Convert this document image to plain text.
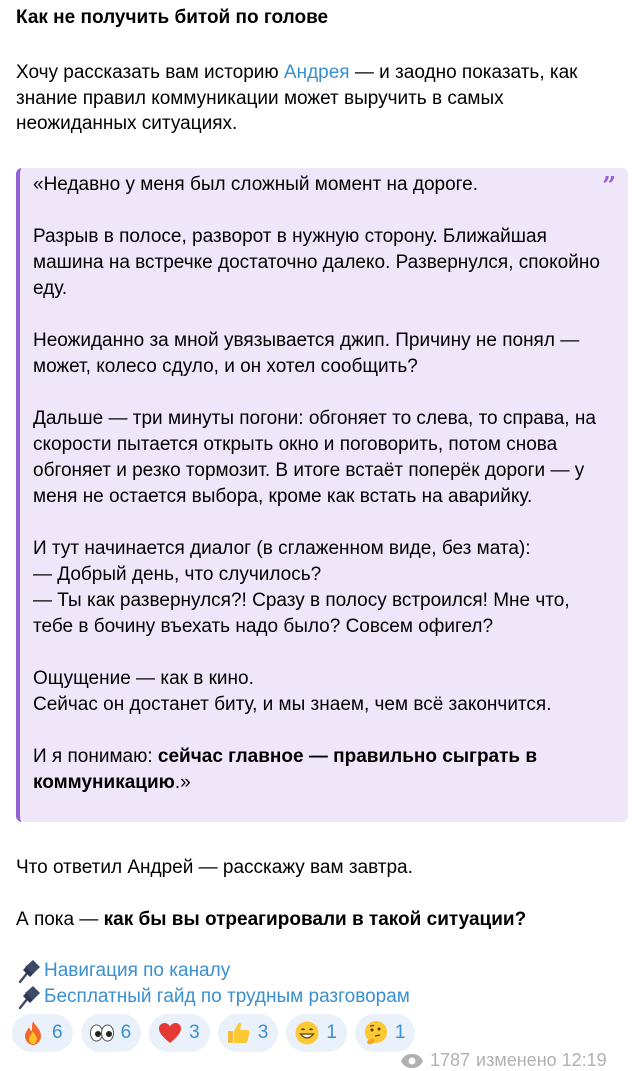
Как не получить битой по голове
Хочу рассказать вам историю Андрея — и заодно показать, как знание правил коммуникации может выручить в самых неожиданных ситуациях.
”
«Недавно у меня был сложный момент на дороге.
Разрыв в полосе, разворот в нужную сторону. Ближайшая машина на встречке достаточно далеко. Развернулся, спокойно еду.
Неожиданно за мной увязывается джип. Причину не понял — может, колесо сдуло, и он хотел сообщить?
Дальше — три минуты погони: обгоняет то слева, то справа, на скорости пытается открыть окно и поговорить, потом снова обгоняет и резко тормозит. В итоге встаёт поперёк дороги — у меня не остается выбора, кроме как встать на аварийку.
И тут начинается диалог (в сглаженном виде, без мата):
— Добрый день, что случилось?
— Ты как развернулся?! Сразу в полосу встроился! Мне что, тебе в бочину въехать надо было? Совсем офигел?
Ощущение — как в кино.
Сейчас он достанет биту, и мы знаем, чем всё закончится.
И я понимаю: сейчас главное — правильно сыграть в коммуникацию.»
Что ответил Андрей — расскажу вам завтра.
А пока — как бы вы отреагировали в такой ситуации?
Навигация по каналу
Бесплатный гайд по трудным разговорам
6	6	3	3	1	1
1787 изменено 12:19
